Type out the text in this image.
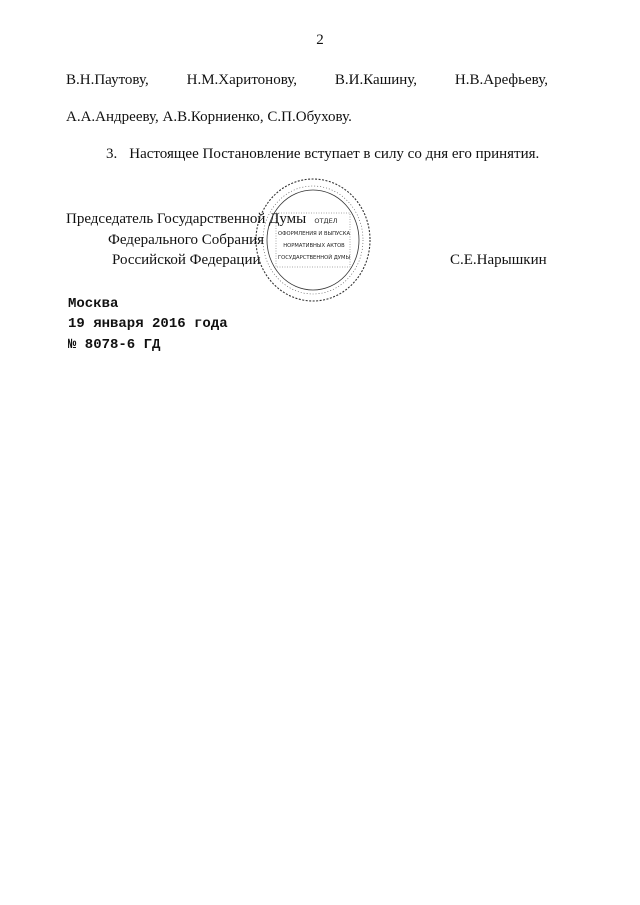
2
В.Н.Паутову,	Н.М.Харитонову,	В.И.Кашину,	Н.В.Арефьеву,
А.А.Андрееву, А.В.Корниенко, С.П.Обухову.
3. Настоящее Постановление вступает в силу со дня его принятия.
ОТДЕЛ
ОФОРМЛЕНИЯ И ВЫПУСКА
НОРМАТИВНЫХ АКТОВ
ГОСУДАРСТВЕННОЙ ДУМЫ
Председатель Государственной Думы
Федерального Собрания
Российской Федерации	С.Е.Нарышкин
Москва
19 января 2016 года
№ 8078-6 ГД
